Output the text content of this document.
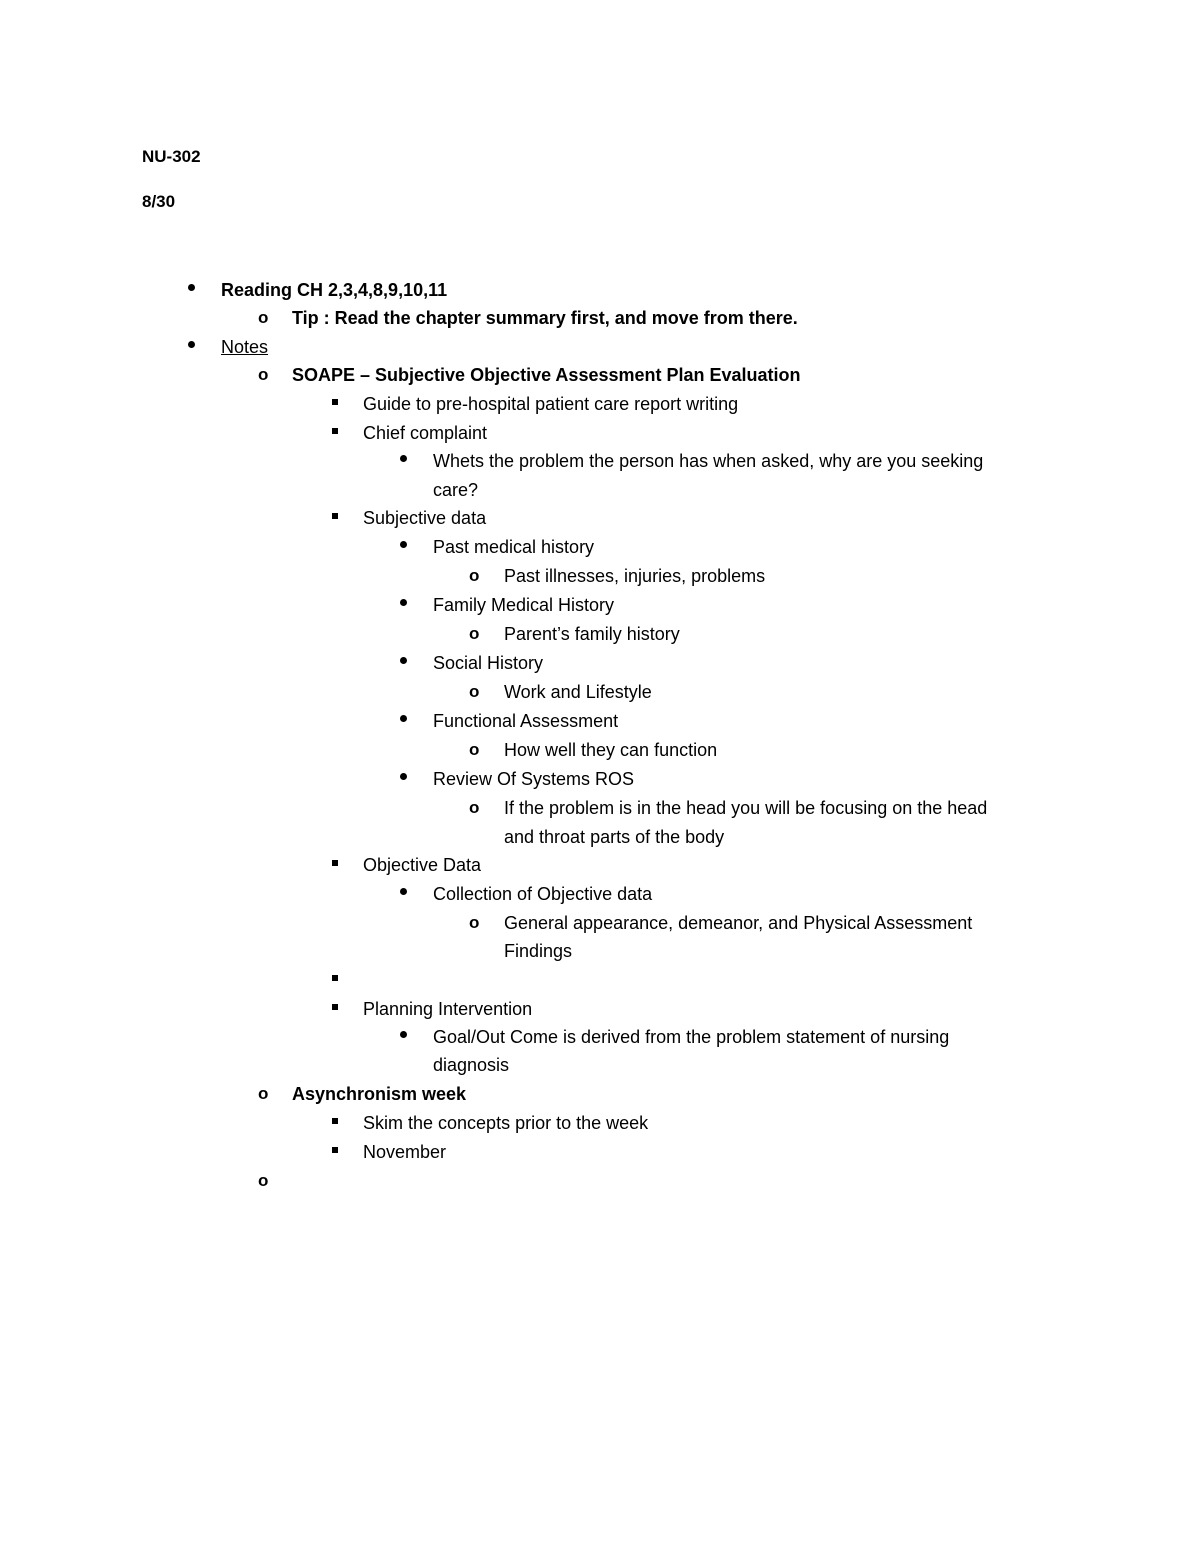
NU-302
8/30
Reading CH 2,3,4,8,9,10,11
o	Tip : Read the chapter summary first, and move from there.
Notes
o	SOAPE – Subjective Objective Assessment Plan Evaluation
Guide to pre-hospital patient care report writing
Chief complaint
Whets the problem the person has when asked, why are you seeking
care?
Subjective data
Past medical history
o	Past illnesses, injuries, problems
Family Medical History
o	Parent’s family history
Social History
o	Work and Lifestyle
Functional Assessment
o	How well they can function
Review Of Systems ROS
o	If the problem is in the head you will be focusing on the head
and throat parts of the body
Objective Data
Collection of Objective data
o	General appearance, demeanor, and Physical Assessment
Findings
Planning Intervention
Goal/Out Come is derived from the problem statement of nursing
diagnosis
o	Asynchronism week
Skim the concepts prior to the week
November
o
